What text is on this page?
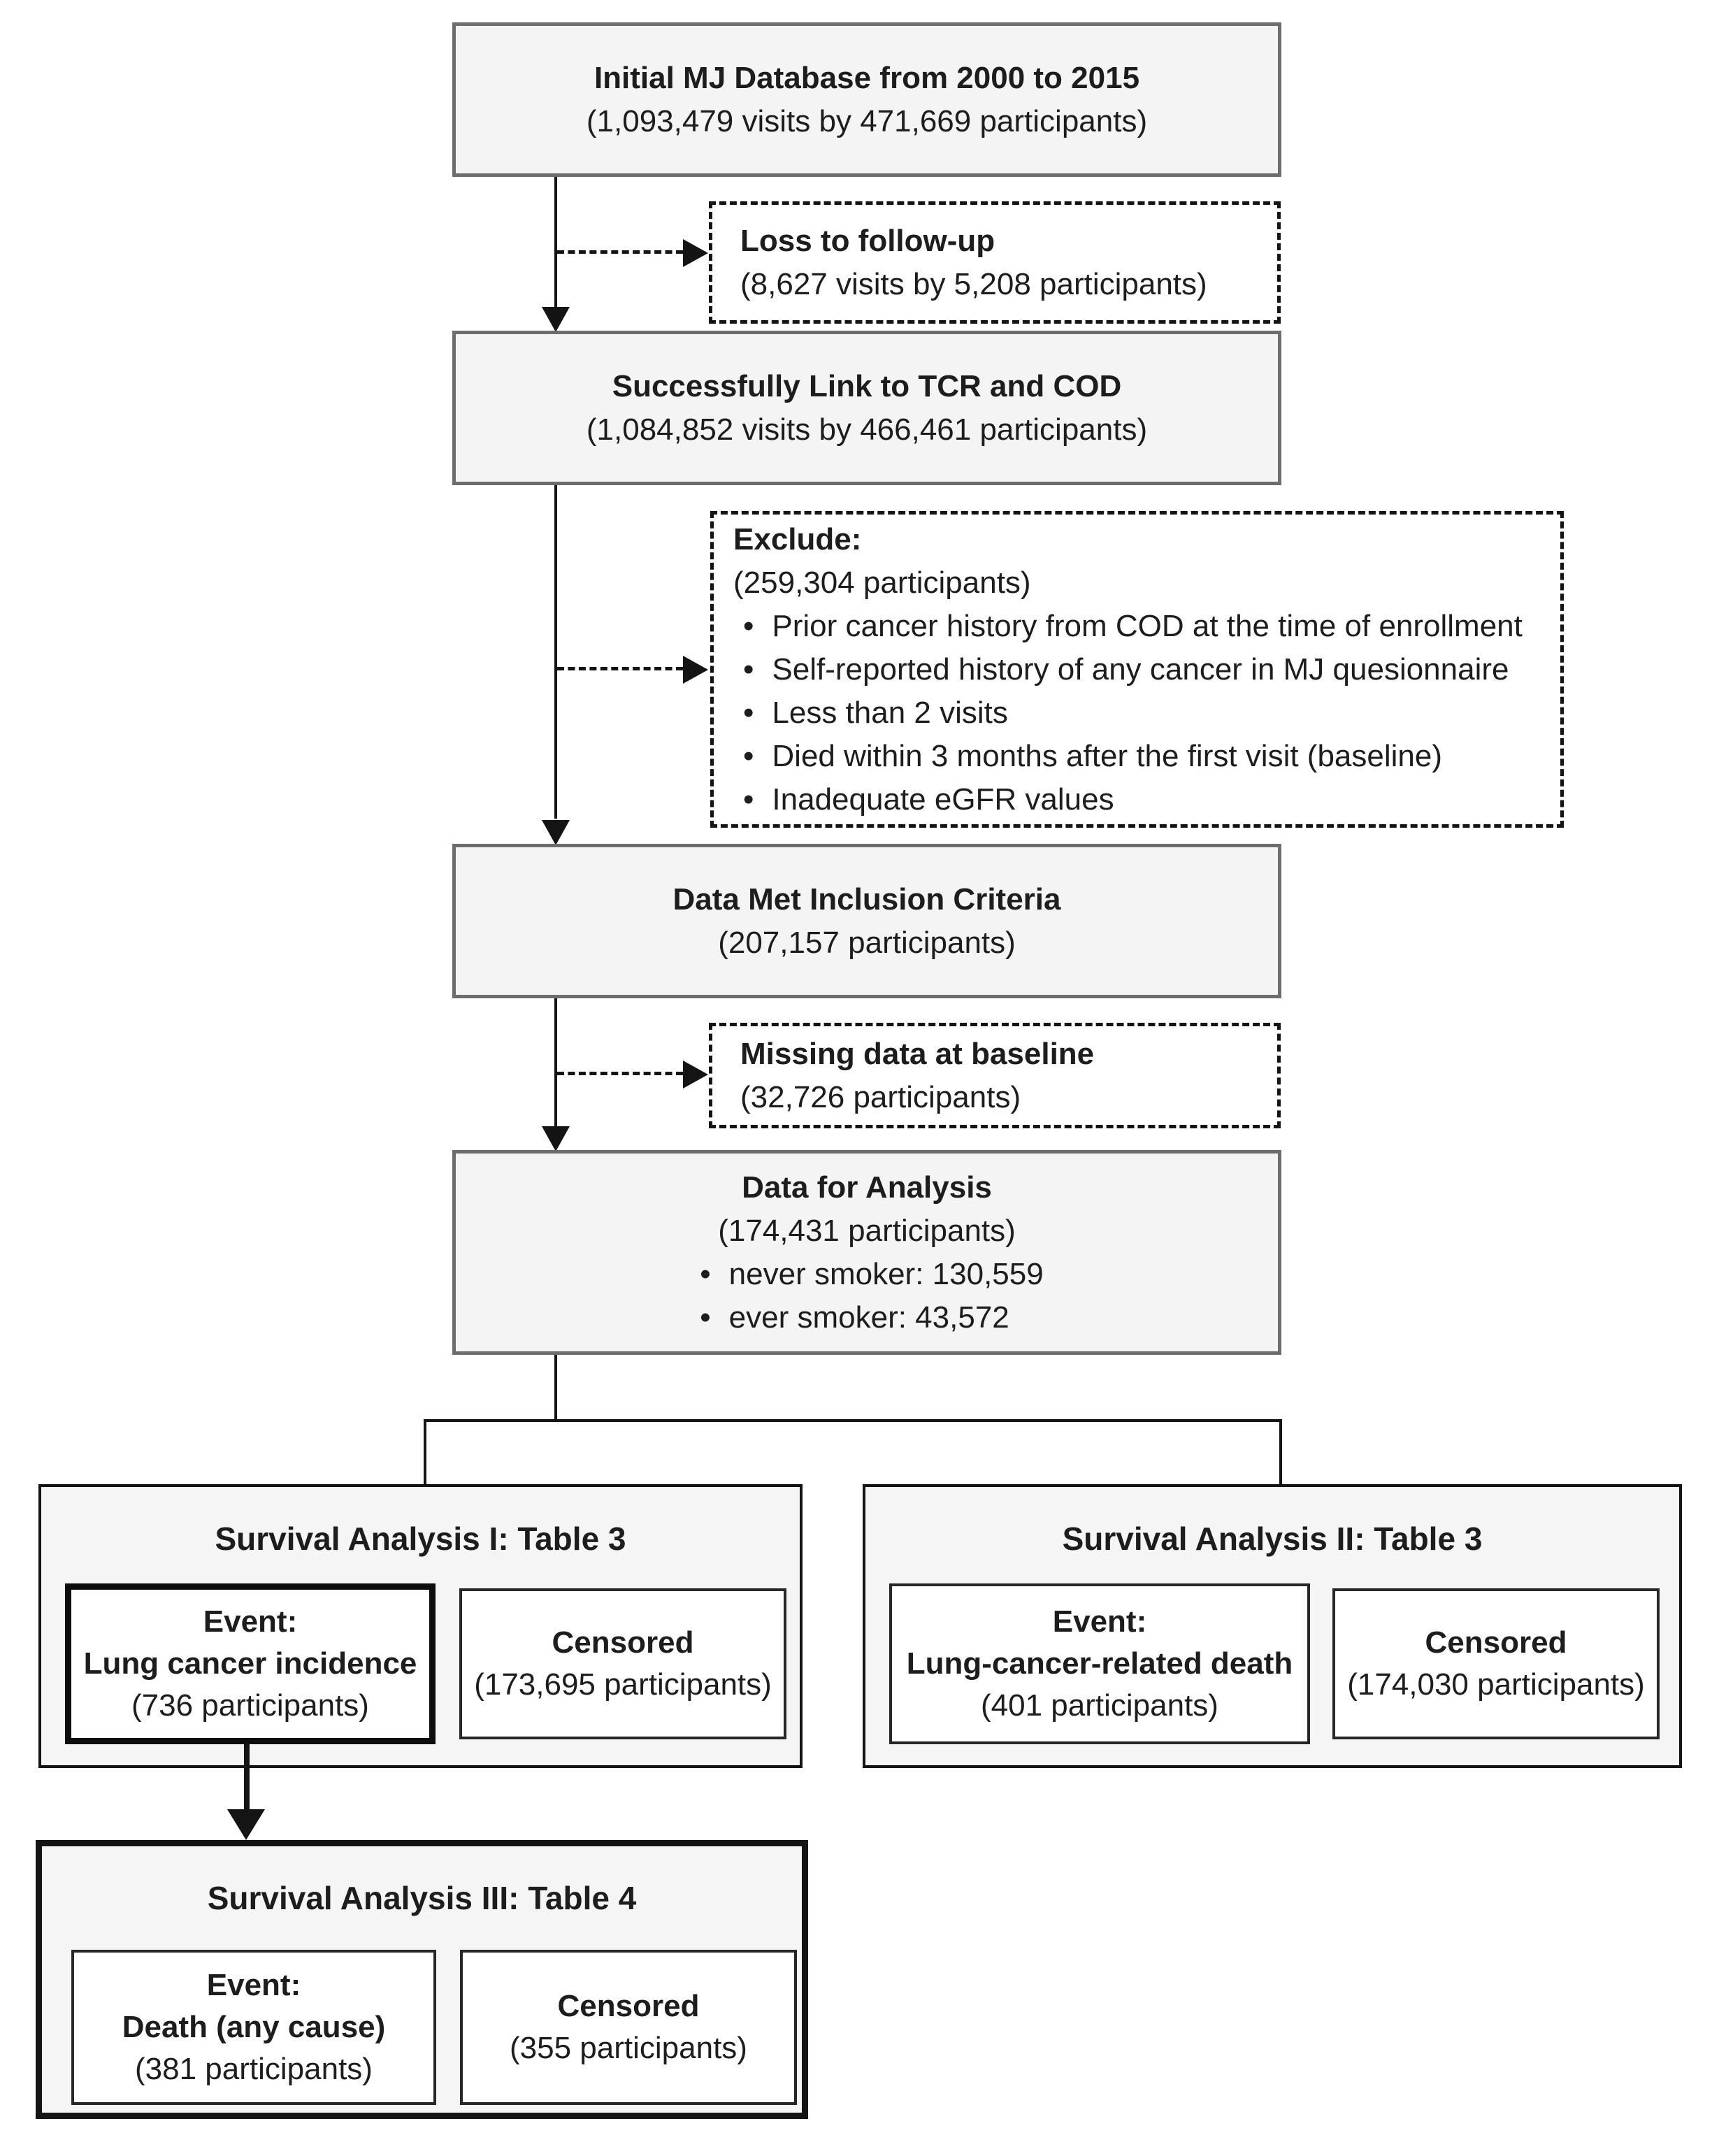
Initial MJ Database from 2000 to 2015
(1,093,479 visits by 471,669 participants)
Loss to follow-up
(8,627 visits by 5,208 participants)
Successfully Link to TCR and COD
(1,084,852 visits by 466,461 participants)
Exclude:
(259,304 participants)
• Prior cancer history from COD at the time of enrollment
• Self-reported history of any cancer in MJ quesionnaire
• Less than 2 visits
• Died within 3 months after the first visit (baseline)
• Inadequate eGFR values
Data Met Inclusion Criteria
(207,157 participants)
Missing data at baseline
(32,726 participants)
Data for Analysis
(174,431 participants)
• never smoker: 130,559
• ever smoker: 43,572
Survival Analysis I: Table 3
Event:
Lung cancer incidence
(736 participants)
Censored
(173,695 participants)
Survival Analysis II: Table 3
Event:
Lung-cancer-related death
(401 participants)
Censored
(174,030 participants)
Survival Analysis III: Table 4
Event:
Death (any cause)
(381 participants)
Censored
(355 participants)
